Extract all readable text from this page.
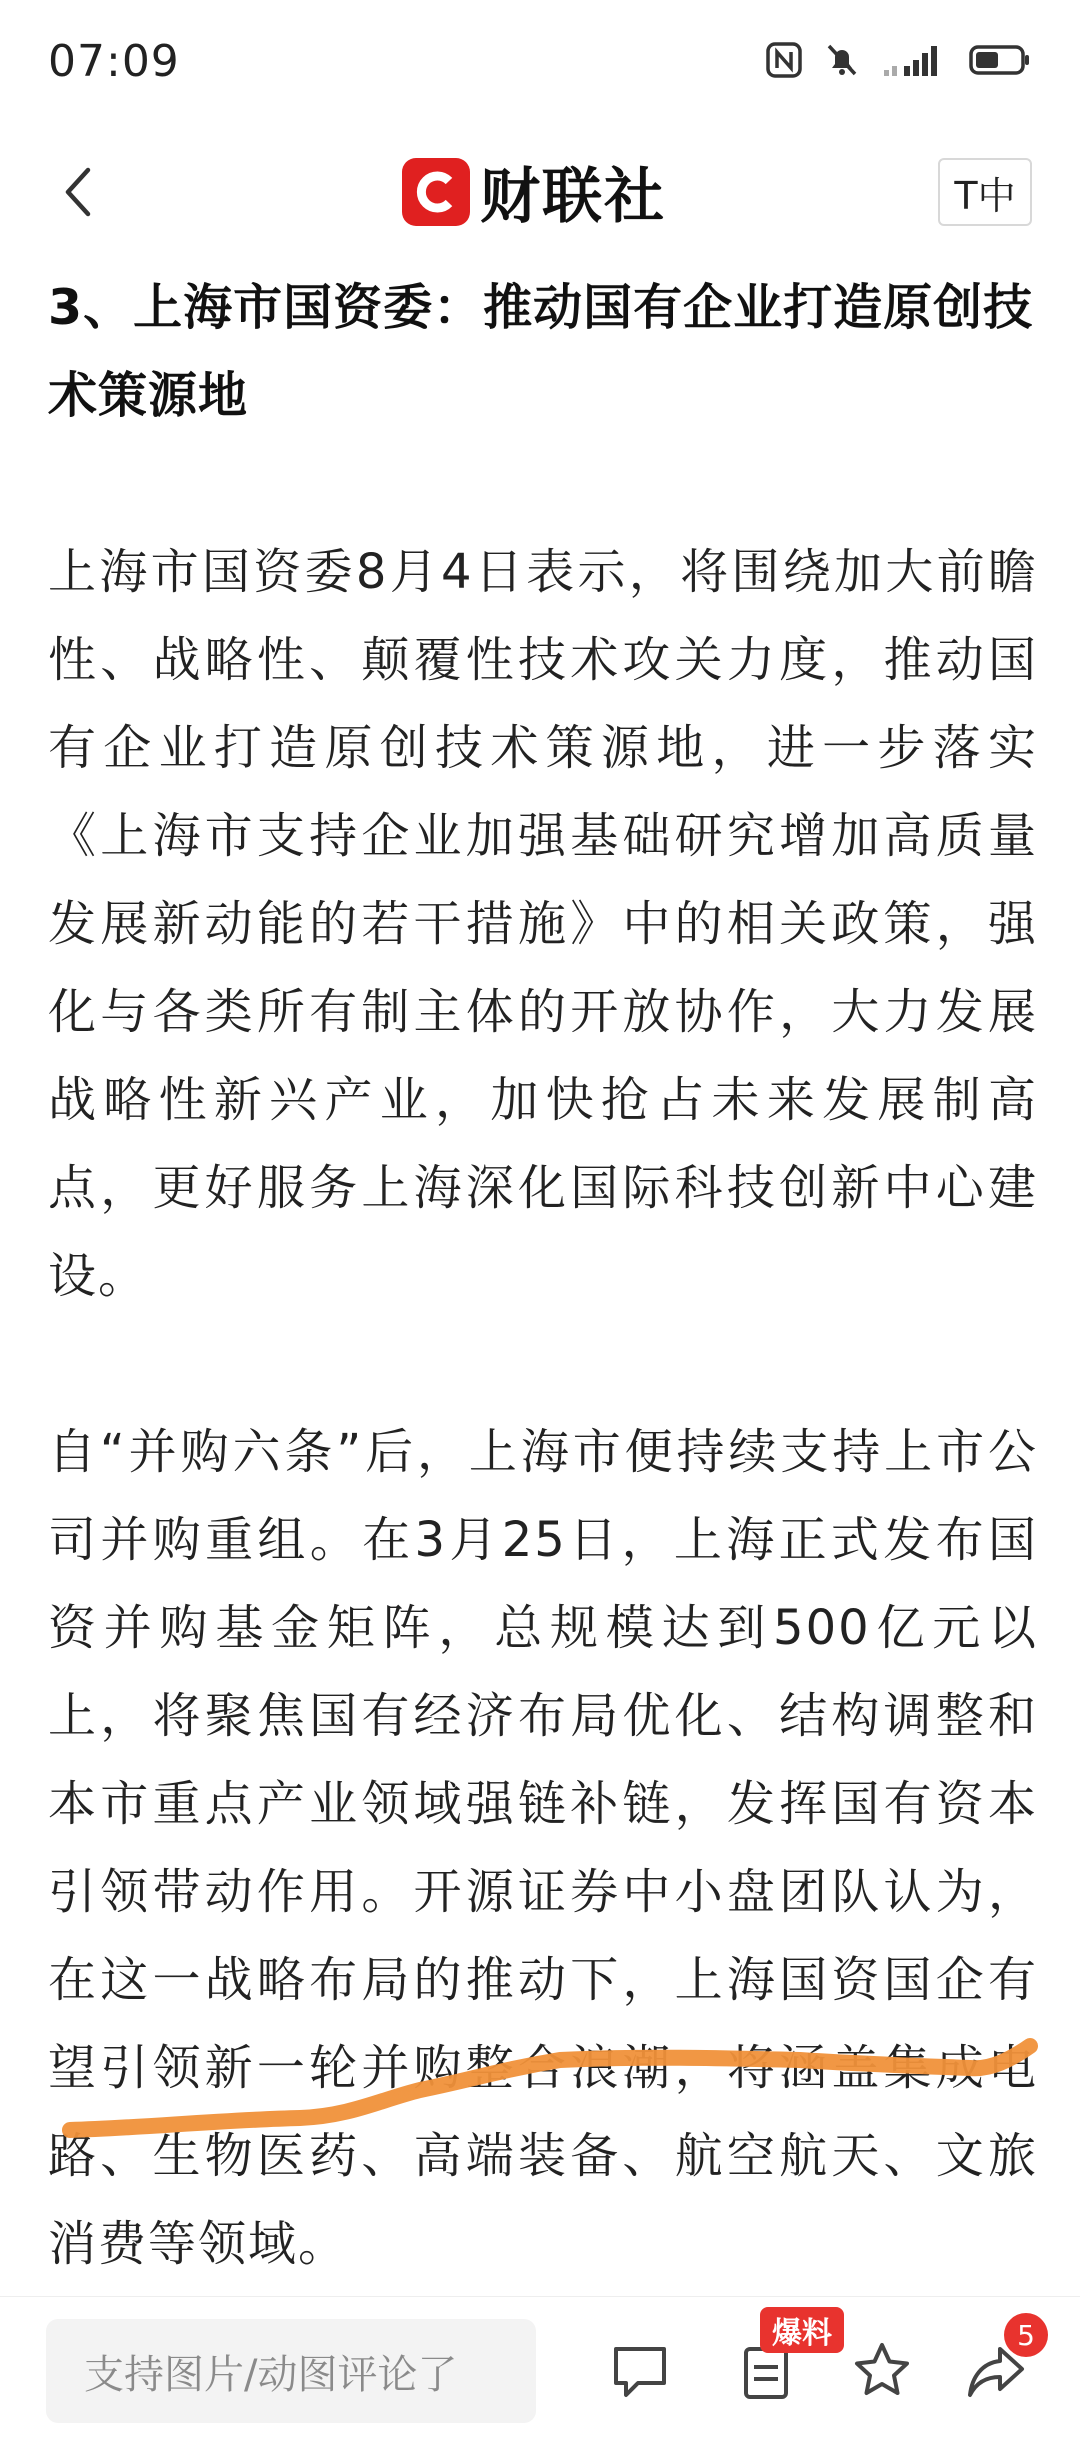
07:09
财联社	T中
3、上海市国资委：推动国有企业打造原创技术策源地

上海市国资委8月4日表示，将围绕加大前瞻性、战略性、颠覆性技术攻关力度，推动国有企业打造原创技术策源地，进一步落实《上海市支持企业加强基础研究增加高质量发展新动能的若干措施》中的相关政策，强化与各类所有制主体的开放协作，大力发展战略性新兴产业，加快抢占未来发展制高点，更好服务上海深化国际科技创新中心建设。

自“并购六条”后，上海市便持续支持上市公司并购重组。在3月25日，上海正式发布国资并购基金矩阵，总规模达到500亿元以上，将聚焦国有经济布局优化、结构调整和本市重点产业领域强链补链，发挥国有资本引领带动作用。开源证券中小盘团队认为，在这一战略布局的推动下，上海国资国企有望引领新一轮并购整合浪潮，将涵盖集成电路、生物医药、高端装备、航空航天、文旅消费等领域。

支持图片/动图评论了
爆料	5
